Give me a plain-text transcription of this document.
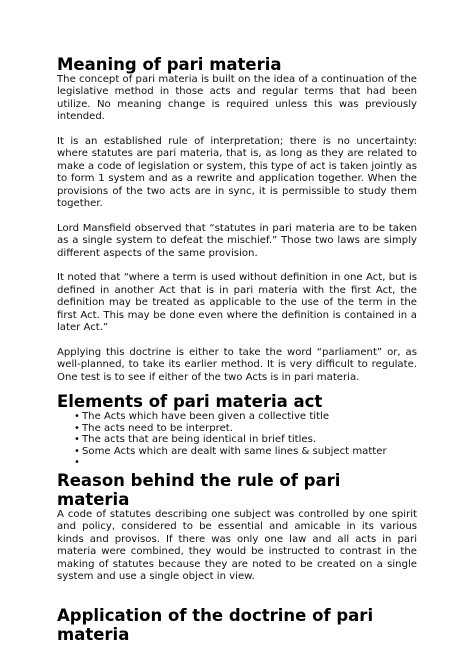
Meaning of pari materia

The concept of pari materia is built on the idea of a continuation of the legislative method in those acts and regular terms that had been utilize. No meaning change is required unless this was previously intended.

It is an established rule of interpretation; there is no uncertainty: where statutes are pari materia, that is, as long as they are related to make a code of legislation or system, this type of act is taken jointly as to form 1 system and as a rewrite and application together. When the provisions of the two acts are in sync, it is permissible to study them together.

Lord Mansfield observed that “statutes in pari materia are to be taken as a single system to defeat the mischief.” Those two laws are simply different aspects of the same provision.

It noted that “where a term is used without definition in one Act, but is defined in another Act that is in pari materia with the first Act, the definition may be treated as applicable to the use of the term in the first Act. This may be done even where the definition is contained in a later Act.”

Applying this doctrine is either to take the word “parliament” or, as well-planned, to take its earlier method. It is very difficult to regulate. One test is to see if either of the two Acts is in pari materia.

Elements of pari materia act
• The Acts which have been given a collective title
• The acts need to be interpret.
• The acts that are being identical in brief titles.
• Some Acts which are dealt with same lines & subject matter
•
Reason behind the rule of pari materia

A code of statutes describing one subject was controlled by one spirit and policy, considered to be essential and amicable in its various kinds and provisos. If there was only one law and all acts in pari materia were combined, they would be instructed to contrast in the making of statutes because they are noted to be created on a single system and use a single object in view.

Application of the doctrine of pari materia
